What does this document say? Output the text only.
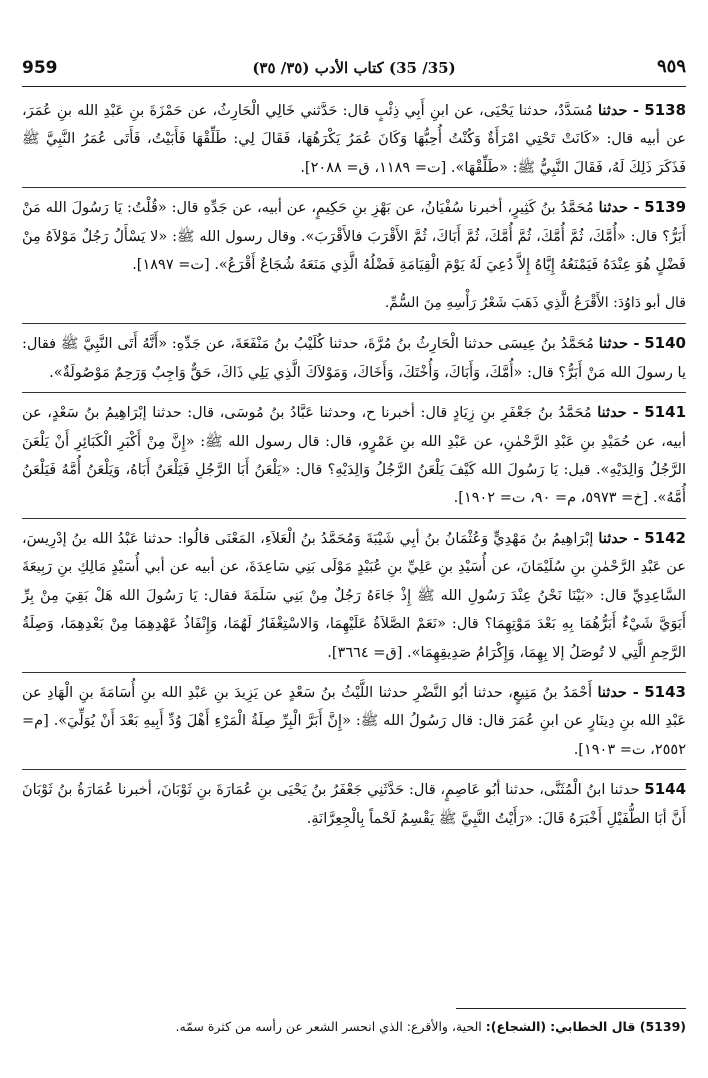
959	(35/ 35) كتاب الأدب (٣٥/ ٣٥)	٩٥٩
5138 - حدثنا مُسَدَّدٌ، حدثنا يَحْيَى، عن ابنِ أَبِي ذِئْبٍ قال: حَدَّثني خَالِي الْحَارِثُ، عن حَمْزَةَ بنِ عَبْدِ الله بنِ عُمَرَ، عن أبيه قال: «كَانَتْ تَحْتِي امْرَأَةٌ وَكُنْتُ أُحِبُّهَا وَكَانَ عُمَرُ يَكْرَهُهَا، فَقَالَ لِي: طَلِّقْهَا فَأَبَيْتُ، فَأَتَى عُمَرُ النَّبِيَّ ﷺ فَذَكَرَ ذَلِكَ لَهُ، فَقَالَ النَّبِيُّ ﷺ: «طَلِّقْهَا». [ت= ١١٨٩، ق= ٢٠٨٨].
5139 - حدثنا مُحَمَّدُ بنُ كَثِيرٍ، أخبرنا سُفْيَانُ، عن بَهْزِ بنِ حَكِيمٍ، عن أبيه، عن جَدِّهِ قال: «قُلْتُ: يَا رَسُولَ الله مَنْ أَبَرُّ؟ قال: «أُمَّكَ، ثُمَّ أُمَّكَ، ثُمَّ أُمَّكَ، ثُمَّ أَبَاكَ، ثُمَّ الأَقْرَبَ فالأَقْرَبَ». وقال رسول الله ﷺ: «لا يَسْأَلُ رَجُلٌ مَوْلاَهُ مِنْ فَضْلٍ هُوَ عِنْدَهُ فَيَمْنَعُهُ إِيَّاهُ إِلاَّ دُعِيَ لَهُ يَوْمَ الْقِيَامَةِ فَضْلُهُ الَّذِي مَنَعَهُ شُجَاعٌ أَقْرَعُ». [ت= ١٨٩٧].
قال أبو دَاوُدَ: الأَقْرَعُ الَّذِي ذَهَبَ شَعْرُ رَأْسِهِ مِنَ السُّمِّ.
5140 - حدثنا مُحَمَّدُ بنُ عِيسَى حدثنا الْحَارِثُ بنُ مُرَّةَ، حدثنا كُلَيْبُ بنُ مَنْفَعَةَ، عن جَدِّهِ: «أَنَّهُ أَتَى النَّبِيَّ ﷺ فقال: يا رسولَ الله مَنْ أَبَرُّ؟ قال: «أُمَّكَ، وَأَبَاكَ، وَأُخْتَكَ، وَأَخَاكَ، وَمَوْلاَكَ الَّذِي يَلِي ذَاكَ، حَقٌّ وَاجِبٌ وَرَحِمٌ مَوْصُولَةٌ».
5141 - حدثنا مُحَمَّدُ بنُ جَعْفَرِ بنِ زِيَادٍ قال: أخبرنا ح، وحدثنا عَبَّادُ بنُ مُوسَى، قال: حدثنا إبْرَاهِيمُ بنُ سَعْدٍ، عن أبيه، عن حُمَيْدِ بنِ عَبْدِ الرَّحْمٰنِ، عن عَبْدِ الله بنِ عَمْرٍو، قال: قال رسول الله ﷺ: «إِنَّ مِنْ أَكْبَرِ الْكَبَائِرِ أَنْ يَلْعَنَ الرَّجُلُ وَالِدَيْهِ». قيل: يَا رَسُولَ الله كَيْفَ يَلْعَنُ الرَّجُلُ وَالِدَيْهِ؟ قال: «يَلْعَنُ أَبَا الرَّجُلِ فَيَلْعَنُ أَبَاهُ، وَيَلْعَنُ أُمَّهُ فَيَلْعَنُ أُمَّهُ». [خ= ٥٩٧٣، م= ٩٠، ت= ١٩٠٢].
5142 - حدثنا إبْرَاهِيمُ بنُ مَهْدِيٍّ وَعُثْمَانُ بنُ أبِي شَيْبَةَ وَمُحَمَّدُ بنُ الْعَلاَءِ، المَعْنَى قالُوا: حدثنا عَبْدُ الله بنُ إدْرِيسَ، عن عَبْدِ الرَّحْمٰنِ بنِ سُلَيْمَانَ، عن أُسَيْدِ بنِ عَلِيِّ بنِ عُبَيْدٍ مَوْلَى بَنِي سَاعِدَةَ، عن أبيه عن أبي أُسَيْدٍ مَالِكِ بنِ رَبِيعَةَ السَّاعِدِيِّ قال: «بَيْنَا نَحْنُ عِنْدَ رَسُولِ الله ﷺ إِذْ جَاءَهُ رَجُلٌ مِنْ بَنِي سَلَمَةَ فقال: يَا رَسُولَ الله هَلْ بَقِيَ مِنْ بِرِّ أَبَوَيَّ شَيْءٌ أَبَرُّهُمَا بِهِ بَعْدَ مَوْتِهِمَا؟ قال: «نَعَمْ الصَّلاَةُ عَلَيْهِمَا، وَالاسْتِغْفَارُ لَهُمَا، وَإِنْفَاذُ عَهْدِهِمَا مِنْ بَعْدِهِمَا، وَصِلَةُ الرَّحِمِ الَّتِي لا تُوصَلُ إلا بِهِمَا، وَإِكْرَامُ صَدِيقِهِمَا». [ق= ٣٦٦٤].
5143 - حدثنا أَحْمَدُ بنُ مَنِيعٍ، حدثنا أبُو النَّضْرِ حدثنا اللَّيْثُ بنُ سَعْدٍ عن يَزِيدَ بنِ عَبْدِ الله بنِ أُسَامَةَ بنِ الْهَادِ عن عَبْدِ الله بنِ دِينَارٍ عن ابنِ عُمَرَ قال: قال رَسُولُ الله ﷺ: «إِنَّ أَبَرَّ الْبِرِّ صِلَةُ الْمَرْءِ أَهْلَ وُدِّ أَبِيهِ بَعْدَ أَنْ يُوَلِّيَ». [م= ٢٥٥٢، ت= ١٩٠٣].
5144 حدثنا ابنُ الْمُثَنَّى، حدثنا أبُو عَاصِمٍ، قال: حَدَّثَنِي جَعْفَرُ بنُ يَحْيَى بنِ عُمَارَةَ بنِ ثَوْبَانَ، أخبرنا عُمَارَةُ بنُ ثَوْبَانَ أَنَّ أبَا الطُّفَيْلِ أَخْبَرَهُ قَالَ: «رَأَيْتُ النَّبِيَّ ﷺ يَقْسِمُ لَحْماً بِالْجِعِرَّانَةِ.
(5139) قال الخطابي: (الشجاع): الحية، والأقرع: الذي انحسر الشعر عن رأسه من كثرة سمّه.
